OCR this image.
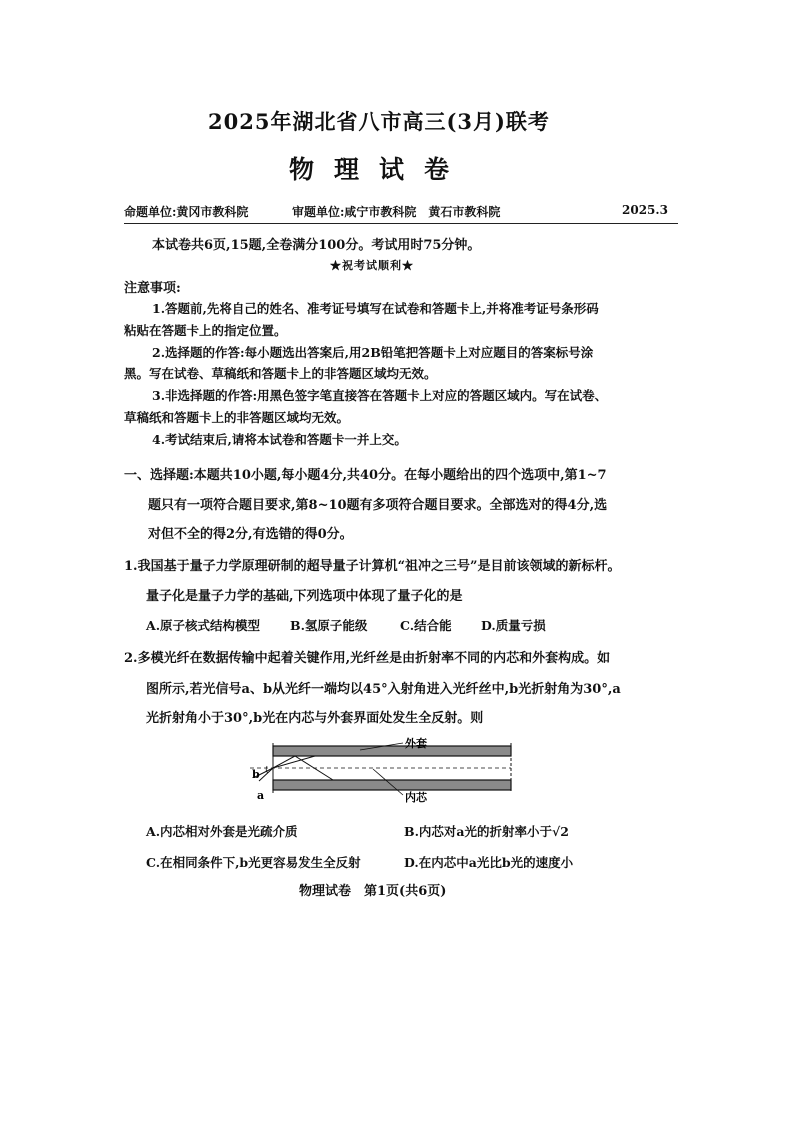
2025年湖北省八市高三(3月)联考
物理试卷
命题单位:黄冈市教科院	审题单位:咸宁市教科院　黄石市教科院	2025.3
本试卷共6页,15题,全卷满分100分。考试用时75分钟。
★祝考试顺利★
注意事项:
1.答题前,先将自己的姓名、准考证号填写在试卷和答题卡上,并将准考证号条形码
粘贴在答题卡上的指定位置。
2.选择题的作答:每小题选出答案后,用2B铅笔把答题卡上对应题目的答案标号涂
黑。写在试卷、草稿纸和答题卡上的非答题区域均无效。
3.非选择题的作答:用黑色签字笔直接答在答题卡上对应的答题区域内。写在试卷、
草稿纸和答题卡上的非答题区域均无效。
4.考试结束后,请将本试卷和答题卡一并上交。
一、选择题:本题共10小题,每小题4分,共40分。在每小题给出的四个选项中,第1~7
题只有一项符合题目要求,第8~10题有多项符合题目要求。全部选对的得4分,选
对但不全的得2分,有选错的得0分。
1.我国基于量子力学原理研制的超导量子计算机“祖冲之三号”是目前该领域的新标杆。
量子化是量子力学的基础,下列选项中体现了量子化的是
A.原子核式结构模型 B.氢原子能级	C.结合能 D.质量亏损
2.多模光纤在数据传输中起着关键作用,光纤丝是由折射率不同的内芯和外套构成。如
图所示,若光信号a、b从光纤一端均以45°入射角进入光纤丝中,b光折射角为30°,a
光折射角小于30°,b光在内芯与外套界面处发生全反射。则
b
a
外套
内芯
A.内芯相对外套是光疏介质	B.内芯对a光的折射率小于√2
C.在相同条件下,b光更容易发生全反射	D.在内芯中a光比b光的速度小
物理试卷　第1页(共6页)
